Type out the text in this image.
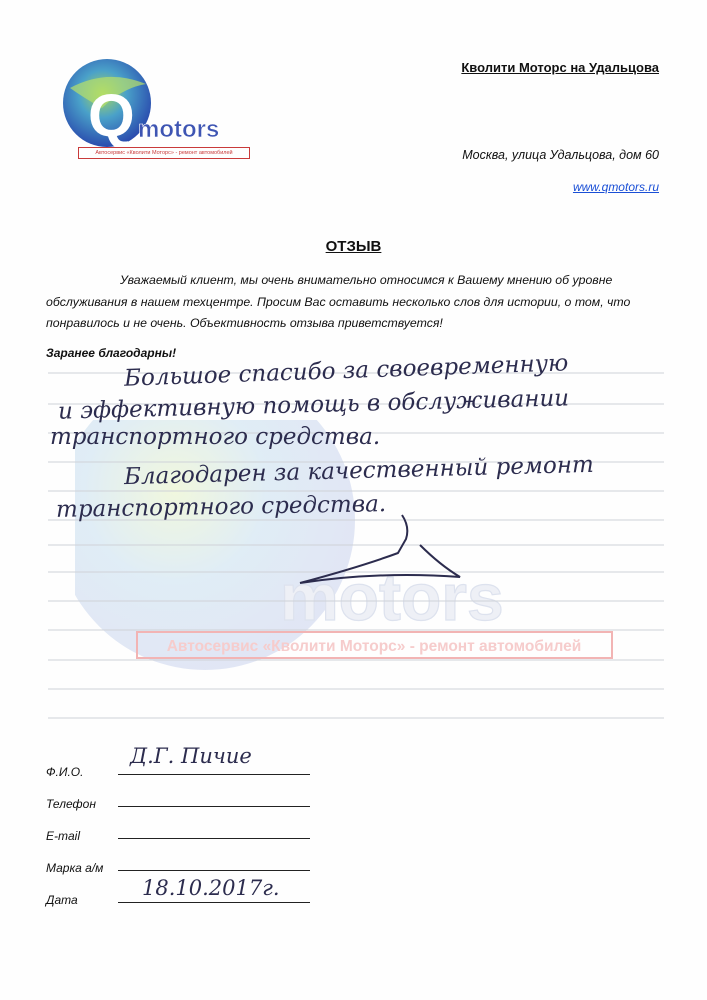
Q motors
Автосервис «Кволити Моторс» - ремонт автомобилей
Кволити Моторс на Удальцова
Москва, улица Удальцова, дом 60
www.qmotors.ru
ОТЗЫВ
Уважаемый клиент, мы очень внимательно относимся к Вашему мнению об уровне
обслуживания в нашем техцентре. Просим Вас оставить несколько слов для истории, о том, что
понравилось и не очень. Объективность отзыва приветствуется!
Заранее благодарны!
motors
Автосервис «Кволити Моторс» - ремонт автомобилей
Большое спасибо за своевременную
и эффективную помощь в обслуживании
транспортного средства.
Благодарен за качественный ремонт
транспортного средства.
Ф.И.О.
Д.Г. Пичие
Телефон
E-mail
Марка а/м
Дата	18.10.2017г.
